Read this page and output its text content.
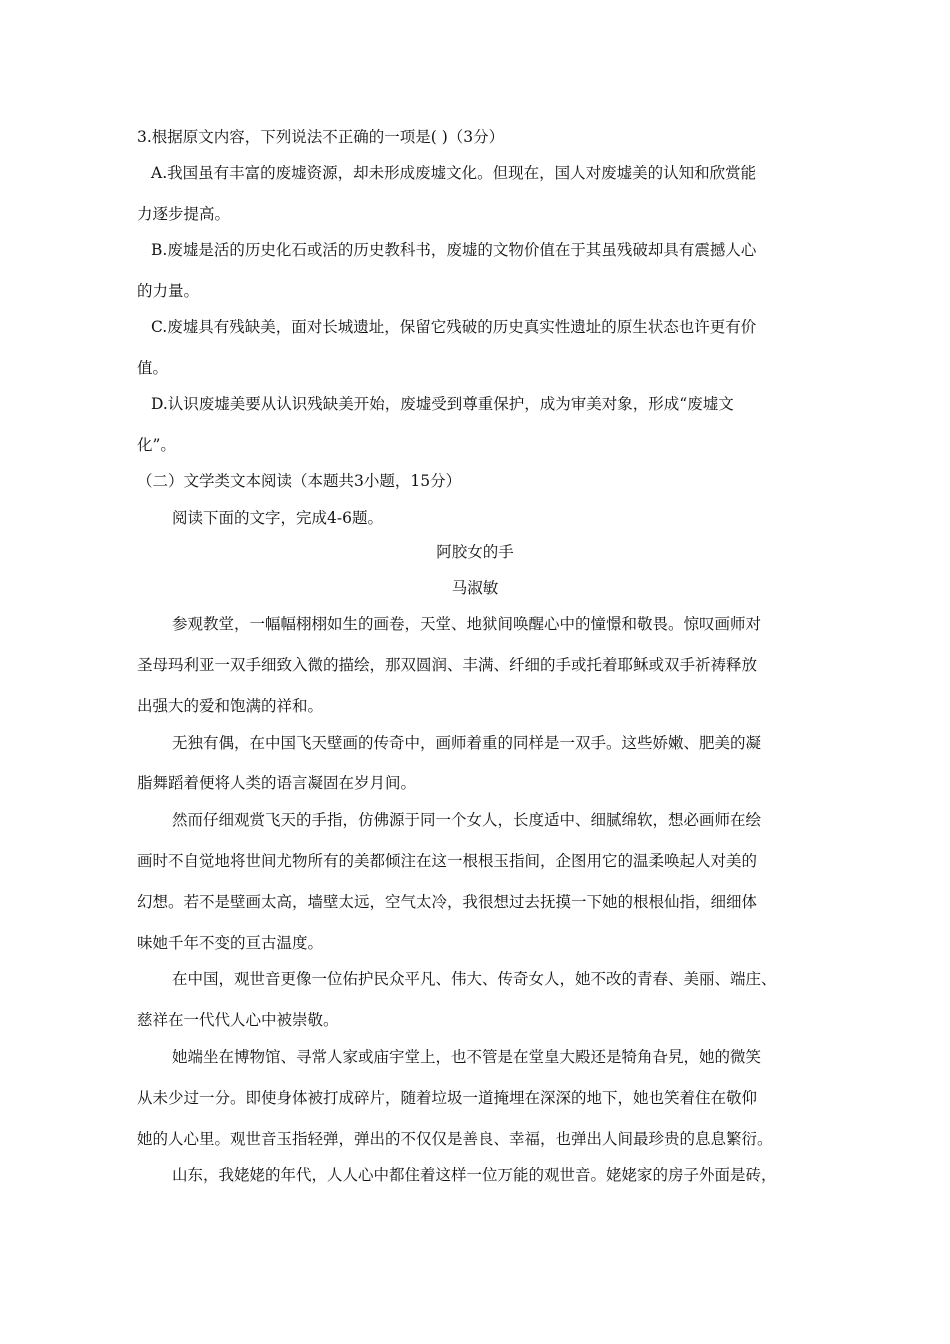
3.根据原文内容，下列说法不正确的一项是( )（3分）
A.我国虽有丰富的废墟资源，却未形成废墟文化。但现在，国人对废墟美的认知和欣赏能
力逐步提高。
B.废墟是活的历史化石或活的历史教科书，废墟的文物价值在于其虽残破却具有震撼人心
的力量。
C.废墟具有残缺美，面对长城遗址，保留它残破的历史真实性遗址的原生状态也许更有价
值。
D.认识废墟美要从认识残缺美开始，废墟受到尊重保护，成为审美对象，形成“废墟文
化”。
（二）文学类文本阅读（本题共3小题，15分）
阅读下面的文字，完成4-6题。
阿胶女的手
马淑敏
参观教堂，一幅幅栩栩如生的画卷，天堂、地狱间唤醒心中的憧憬和敬畏。惊叹画师对
圣母玛利亚一双手细致入微的描绘，那双圆润、丰满、纤细的手或托着耶稣或双手祈祷释放
出强大的爱和饱满的祥和。
无独有偶，在中国飞天壁画的传奇中，画师着重的同样是一双手。这些娇嫩、肥美的凝
脂舞蹈着便将人类的语言凝固在岁月间。
然而仔细观赏飞天的手指，仿佛源于同一个女人，长度适中、细腻绵软，想必画师在绘
画时不自觉地将世间尤物所有的美都倾注在这一根根玉指间，企图用它的温柔唤起人对美的
幻想。若不是壁画太高，墙壁太远，空气太冷，我很想过去抚摸一下她的根根仙指，细细体
味她千年不变的亘古温度。
在中国，观世音更像一位佑护民众平凡、伟大、传奇女人，她不改的青春、美丽、端庄、
慈祥在一代代人心中被崇敬。
她端坐在博物馆、寻常人家或庙宇堂上，也不管是在堂皇大殿还是犄角旮旯，她的微笑
从未少过一分。即使身体被打成碎片，随着垃圾一道掩埋在深深的地下，她也笑着住在敬仰
她的人心里。观世音玉指轻弹，弹出的不仅仅是善良、幸福，也弹出人间最珍贵的息息繁衍。
山东，我姥姥的年代，人人心中都住着这样一位万能的观世音。姥姥家的房子外面是砖，
